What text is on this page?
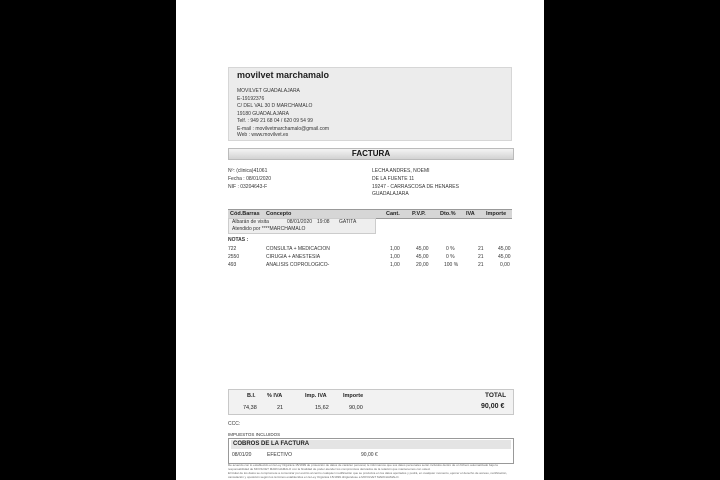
movilvet marchamalo
MOVILVET GUADALAJARA
E-19192376
C/ DEL VAL 30 D MARCHAMALO
19180 GUADALAJARA
Telf. : 949 21 68 04 / 620 09 54 99
E-mail : movilvetmarchamalo@gmail.com
Web : www.movilvet.es
FACTURA
Nº: (clinica)41061
Fecha : 08/01/2020
NIF : 03204643-F
LECHA ANDRES, NOEMI
DE LA FUENTE 11
19247 - CARRASCOSA DE HENARES
GUADALAJARA
Cód.Barras Concepto	Cant. P.V.P.	Dto.% IVA Importe
Albarán de visita	08/01/2020 19:08 GATITA
Atendido por ****MARCHAMALO
NOTAS :
722	CONSULTA + MEDICACION	1,00	45,00	0 %	21	45,00
2550	CIRUGIA + ANESTESIA	1,00	45,00	0 %	21	45,00
493	ANALISIS COPROLOGICO-	1,00	20,00	100 %	21	0,00
B.I. % IVA	Imp. IVA	Importe	TOTAL
74,38	21	15,62	90,00	90,00 €
CCC:
IMPUESTOS INCLUIDOS
COBROS DE LA FACTURA
08/01/20	EFECTIVO	90,00 €
De acuerdo con lo establecido en la Ley Orgánica 15/1999 de protección de datos de carácter personal, le informamos que sus datos personales serán incluidos dentro de un fichero automatizado bajo la responsabilidad de MOVILVET MARCHAMALO con la finalidad de poder atender los compromisos derivados de la relación que mantenemos con usted.
El titular de los datos se compromete a comunicar por escrito al centro cualquier modificación que se produzca en los datos aportados y podrá, en cualquier momento, ejercer el derecho de acceso, rectificación, cancelación y oposición según los términos establecidos en la Ley Orgánica 15/1999 dirigiéndose a MOVILVET MARCHAMALO.
